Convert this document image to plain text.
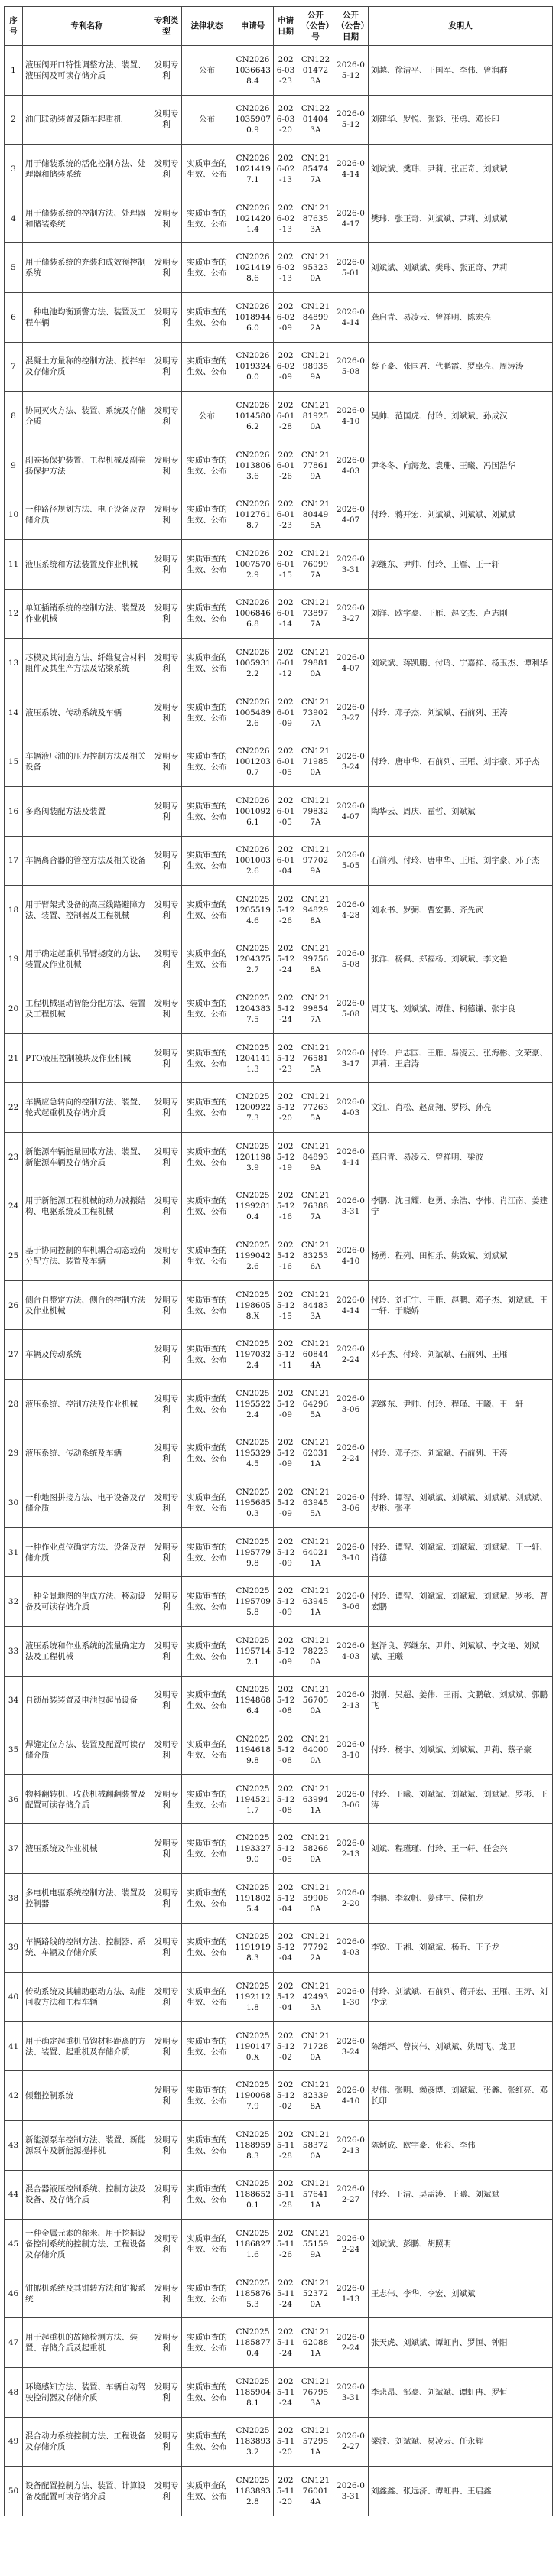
序号	专利名称	专利类型	法律状态	申请号	申请日期	公开（公告）号	公开（公告）日期	发明人
1	液压阀开口特性调整方法、装置、液压阀及可读存储介质	发明专利	公布	CN202610366438.4	2026-03-23	CN122014723A	2026-05-12	刘越、徐清平、王国军、李伟、曾润群
2	油门联动装置及随车起重机	发明专利	公布	CN202610359070.9	2026-03-20	CN122014043A	2026-05-12	刘建华、罗悦、张彩、张勇、邓长印
3	用于储装系统的活化控制方法、处理器和储装系统	发明专利	实质审查的生效、公布	CN202610214197.1	2026-02-13	CN121854747A	2026-04-14	刘斌斌、樊玮、尹莉、张正奇、刘斌斌
4	用于储装系统的控制方法、处理器和储装系统	发明专利	实质审查的生效、公布	CN202610214201.4	2026-02-13	CN121876353A	2026-04-17	樊玮、张正奇、刘斌斌、尹莉、刘斌斌
5	用于储装系统的充装和成效预控制系统	发明专利	实质审查的生效、公布	CN202610214198.6	2026-02-13	CN121953230A	2026-05-01	刘斌斌、刘斌斌、樊玮、张正奇、尹莉
6	一种电池均衡预警方法、装置及工程车辆	发明专利	实质审查的生效、公布	CN202610189446.0	2026-02-09	CN121848992A	2026-04-14	龚启青、易凌云、曾祥明、陈宏亮
7	混凝土方量称的控制方法、搅拌车及存储介质	发明专利	实质审查的生效、公布	CN202610193240.0	2026-02-09	CN121989359A	2026-05-08	蔡子豪、张国君、代鹏霞、罗卓亮、周涛涛
8	协同灭火方法、装置、系统及存储介质	发明专利	公布	CN202610145806.2	2026-01-28	CN121819250A	2026-04-10	吴帅、范国虎、付玲、刘斌斌、孙成汉
9	副卷扬保护装置、工程机械及副卷扬保护方法	发明专利	实质审查的生效、公布	CN202610138063.6	2026-01-26	CN121778619A	2026-04-03	尹冬冬、向海龙、袁珊、王曦、冯国浩华
10	一种路径规划方法、电子设备及存储介质	发明专利	实质审查的生效、公布	CN202610127618.7	2026-01-23	CN121804495A	2026-04-07	付玲、蒋开宏、刘斌斌、刘斌斌、刘斌斌
11	液压系统和方法装置及作业机械	发明专利	实质审查的生效、公布	CN202610075702.9	2026-01-15	CN121760997A	2026-03-31	郭继东、尹帅、付玲、王雁、王一轩
12	单缸插销系统的控制方法、装置及作业机械	发明专利	实质审查的生效、公布	CN202610068466.8	2026-01-14	CN121738977A	2026-03-27	刘洋、欧宇豪、王雁、赵文杰、卢志刚
13	芯模及其制造方法、纤维复合材料阻件及其生产方法及钻梁系统	发明专利	实质审查的生效、公布	CN202610059312.2	2026-01-12	CN121798810A	2026-04-07	刘斌斌、蒋凯鹏、付玲、宁嘉祥、杨玉杰、谭利华
14	液压系统、传动系统及车辆	发明专利	实质审查的生效、公布	CN202610054892.6	2026-01-09	CN121739027A	2026-03-27	付玲、邓子杰、刘斌斌、石前列、王涛
15	车辆液压油的压力控制方法及相关设备	发明专利	实质审查的生效、公布	CN202610012030.7	2026-01-05	CN121719850A	2026-03-24	付玲、唐申华、石前列、王雁、刘宇豪、邓子杰
16	多路阀装配方法及装置	发明专利	实质审查的生效、公布	CN202610010926.1	2026-01-05	CN121798327A	2026-04-07	陶华云、周庆、霍哲、刘斌斌
17	车辆离合器的管控方法及相关设备	发明专利	实质审查的生效、公布	CN202610010032.6	2026-01-04	CN121977029A	2026-05-05	石前列、付玲、唐申华、王雁、刘宇豪、邓子杰
18	用于臂架式设备的高压线路避障方法、装置、控制器及工程机械	发明专利	实质审查的生效、公布	CN202512055194.6	2025-12-26	CN121948298A	2026-04-28	刘永书、罗弼、曹宏鹏、齐先武
19	用于确定起重机吊臂挠度的方法、装置及作业机械	发明专利	实质审查的生效、公布	CN202512043752.7	2025-12-24	CN121997568A	2026-05-08	张洋、杨佩、郑福杨、刘斌斌、李文艳
20	工程机械驱动智能分配方法、装置及工程机械	发明专利	实质审查的生效、公布	CN202512043837.5	2025-12-24	CN121998547A	2026-05-08	周艾飞、刘斌斌、谭佳、柯德谦、张宇良
21	PTO液压控制模块及作业机械	发明专利	实质审查的生效、公布	CN202512041411.3	2025-12-23	CN121765815A	2026-03-17	付玲、户志国、王雁、易凌云、张海彬、文荣豪、尹莉、王启涛
22	车辆应急转向的控制方法、装置、轮式起重机及存储介质	发明专利	实质审查的生效、公布	CN202512009227.3	2025-12-20	CN121772635A	2026-04-03	文江、肖松、赵高翔、罗彬、孙亮
23	新能源车辆能量回收方法、装置、新能源车辆及存储介质	发明专利	实质审查的生效、公布	CN202512011983.9	2025-12-19	CN121848939A	2026-04-14	龚启青、易凌云、曾祥明、梁波
24	用于新能源工程机械的动力减振结构、电驱系统及工程机械	发明专利	实质审查的生效、公布	CN202511992810.4	2025-12-16	CN121763887A	2026-03-31	李鹏、沈日耀、赵勇、余浩、李伟、肖江南、姜建宁
25	基于协同控制的车机耦合动态载荷分配方法、装置及车辆	发明专利	实质审查的生效、公布	CN202511990422.6	2025-12-16	CN121832536A	2026-04-10	杨勇、程列、田相乐、姚致斌、刘斌斌
26	侧台自整定方法、侧台的控制方法及作业机械	发明专利	实质审查的生效、公布	CN202511986058.X	2025-12-15	CN121844833A	2026-04-14	付玲、刘汇宁、王雁、赵鹏、邓子杰、刘斌斌、王一轩、于晓娇
27	车辆及传动系统	发明专利	实质审查的生效、公布	CN202511970322.4	2025-12-11	CN121608444A	2026-02-24	邓子杰、付玲、刘斌斌、石前列、王雁
28	液压系统、控制方法及作业机械	发明专利	实质审查的生效、公布	CN202511955222.4	2025-12-09	CN121642965A	2026-03-06	郭继东、尹帅、付玲、程瑾、王曦、王一轩
29	液压系统、传动系统及车辆	发明专利	实质审查的生效、公布	CN202511953294.5	2025-12-09	CN121620311A	2026-02-24	付玲、邓子杰、刘斌斌、石前列、王涛
30	一种地图拼接方法、电子设备及存储介质	发明专利	实质审查的生效、公布	CN202511956850.3	2025-12-09	CN121639455A	2026-03-06	付玲、谭智、刘斌斌、刘斌斌、刘斌斌、刘斌斌、罗彬、张平
31	一种作业点位确定方法、设备及存储介质	发明专利	实质审查的生效、公布	CN202511957799.8	2025-12-09	CN121640211A	2026-03-10	付玲、谭智、刘斌斌、刘斌斌、刘斌斌、王一轩、肖德
32	一种全景地图的生成方法、移动设备及可读存储介质	发明专利	实质审查的生效、公布	CN202511957095.8	2025-12-09	CN121639451A	2026-03-06	付玲、谭智、刘斌斌、刘斌斌、刘斌斌、罗彬、曹宏鹏
33	液压系统和作业系统的流量确定方法及工程机械	发明专利	实质审查的生效、公布	CN202511957142.1	2025-12-09	CN121782230A	2026-04-03	赵泽良、郭继东、尹帅、刘斌斌、李文艳、刘斌斌、王曦
34	自锁吊装装置及电池包起吊设备	发明专利	实质审查的生效、公布	CN202511948686.4	2025-12-08	CN121567050A	2026-02-13	张刚、吴超、姜伟、王雨、文鹏敏、刘斌斌、郭鹏飞
35	焊缝定位方法、装置及配置可读存储介质	发明专利	实质审查的生效、公布	CN202511946189.8	2025-12-08	CN121640000A	2026-03-10	付玲、杨宇、刘斌斌、刘斌斌、尹莉、蔡子豪
36	物料翻转机、收获机械翻翻装置及配置可读存储介质	发明专利	实质审查的生效、公布	CN202511945211.7	2025-12-08	CN121639941A	2026-03-06	付玲、王曦、刘斌斌、刘斌斌、刘斌斌、罗彬、王涛
37	液压系统及作业机械	发明专利	实质审查的生效、公布	CN202511933279.0	2025-12-05	CN121582660A	2026-02-13	刘斌、程瑾瑾、付玲、王一轩、任会兴
38	多电机电驱系统控制方法、装置及控制器	发明专利	实质审查的生效、公布	CN202511918025.4	2025-12-04	CN121599060A	2026-02-20	李鹏、李叙帆、姜建宁、侯柏龙
39	车辆路线的控制方法、控制器、系统、车辆及存储介质	发明专利	实质审查的生效、公布	CN202511919198.3	2025-12-04	CN121777922A	2026-04-03	李锐、王湘、刘斌斌、杨昕、王子龙
40	传动系统及其辅助驱动方法、动能回收方法和工程车辆	发明专利	实质审查的生效、公布	CN202511921121.8	2025-12-04	CN121424933A	2026-01-30	付玲、刘斌斌、石前列、蒋开宏、王雁、王涛、刘少龙
41	用于确定起重机吊钩材料距离的方法、装置、起重机及存储介质	发明专利	实质审查的生效、公布	CN202511901470.X	2025-12-02	CN121717280A	2026-03-24	陈缙坪、曾岗伟、刘斌斌、姚周飞、龙卫
42	倾翻控制系统	发明专利	实质审查的生效、公布	CN202511900687.9	2025-12-02	CN121823398A	2026-04-10	罗伟、张明、赖彦博、刘斌斌、张鑫、张红亮、邓长印
43	新能源泵车控制方法、装置、新能源泵车及新能源搅拌机	发明专利	实质审查的生效、公布	CN202511889598.3	2025-11-28	CN121583720A	2026-02-13	陈炳成、欧宇豪、张彩、李伟
44	混合器液压控制系统、控制方法及设备、及存储介质	发明专利	实质审查的生效、公布	CN202511886520.1	2025-11-28	CN121576411A	2026-02-27	付玲、王清、吴孟涛、王曦、刘斌斌
45	一种金属元素的称米、用于挖掘设备控制系统的控制方法、工程设备及存储介质	发明专利	实质审查的生效、公布	CN202511868271.6	2025-11-26	CN121551599A	2026-02-24	刘斌斌、彭鹏、胡照明
46	钳搬机系统及其钳转方法和钳搬系统	发明专利	实质审查的生效、公布	CN202511858765.3	2025-11-24	CN121523720A	2026-01-13	王志伟、李华、李宏、刘斌斌
47	用于起重机的故障检测方法、装置、存储介质及起重机	发明专利	实质审查的生效、公布	CN202511858770.4	2025-11-24	CN121620881A	2026-02-24	张天虎、刘斌斌、谭虹冉、罗恒、钟阳
48	环境感知方法、装置、车辆自动驾驶控制器及存储介质	发明专利	实质审查的生效、公布	CN202511859048.1	2025-11-24	CN121767953A	2026-03-31	李悲昂、邹豪、刘斌斌、谭虹冉、罗恒
49	混合动力系统控制方法、工程设备及存储介质	发明专利	实质审查的生效、公布	CN202511838933.2	2025-11-20	CN121572951A	2026-02-27	梁波、刘斌斌、易凌云、任永辉
50	设备配置控制方法、装置、计算设备及配置可读存储介质	发明专利	实质审查的生效、公布	CN202511838932.8	2025-11-20	CN121760014A	2026-03-31	刘鑫鑫、张远济、谭虹冉、王启鑫
